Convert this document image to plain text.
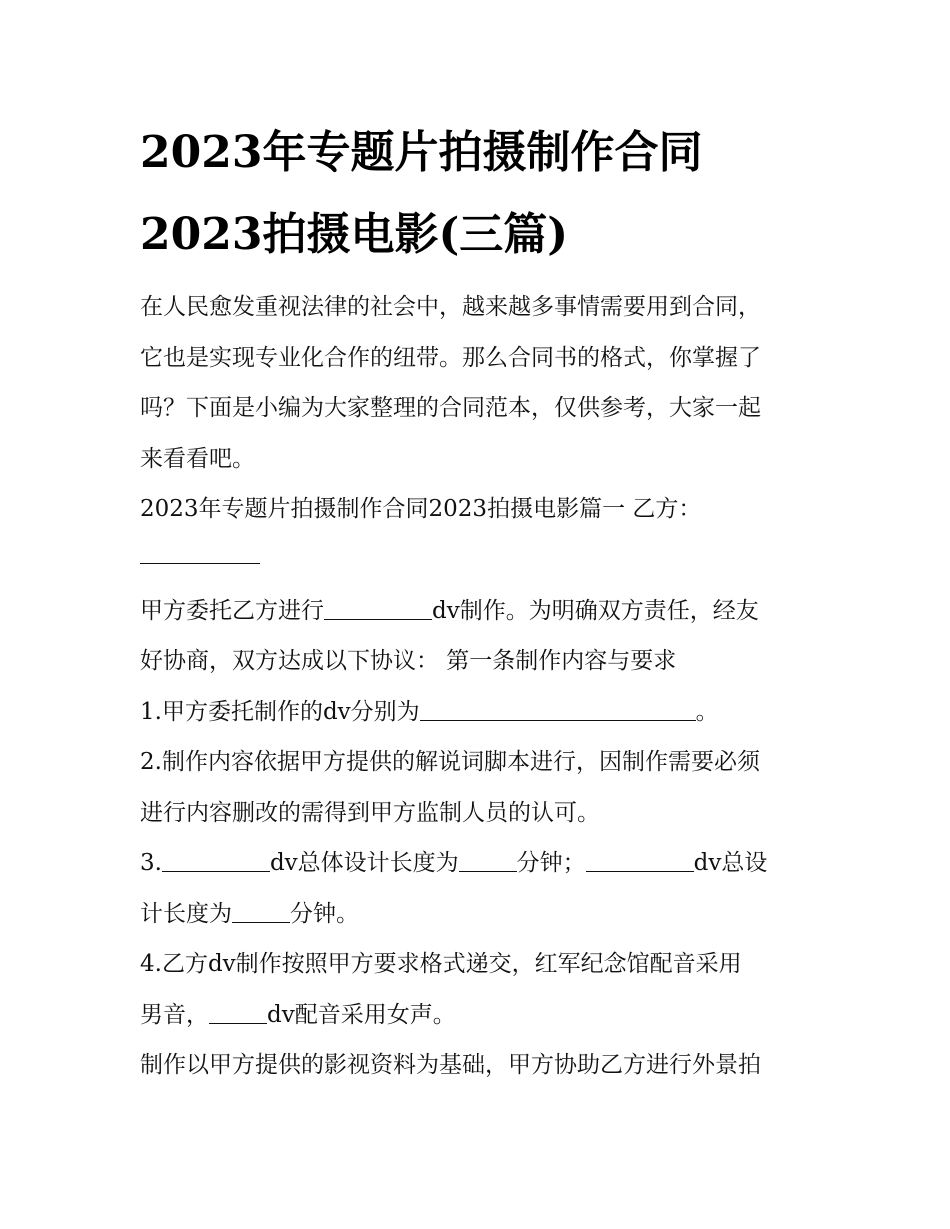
2023年专题片拍摄制作合同
2023拍摄电影(三篇)

在人民愈发重视法律的社会中，越来越多事情需要用到合同，

它也是实现专业化合作的纽带。那么合同书的格式，你掌握了

吗？下面是小编为大家整理的合同范本，仅供参考，大家一起

来看看吧。

2023年专题片拍摄制作合同2023拍摄电影篇一 乙方：

甲方委托乙方进行	dv制作。为明确双方责任，经友

好协商，双方达成以下协议： 第一条制作内容与要求

1.甲方委托制作的dv分别为	。

2.制作内容依据甲方提供的解说词脚本进行，因制作需要必须

进行内容删改的需得到甲方监制人员的认可。

3.	dv总体设计长度为	分钟；	dv总设

计长度为	分钟。

4.乙方dv制作按照甲方要求格式递交，红军纪念馆配音采用

男音，	dv配音采用女声。

制作以甲方提供的影视资料为基础，甲方协助乙方进行外景拍
